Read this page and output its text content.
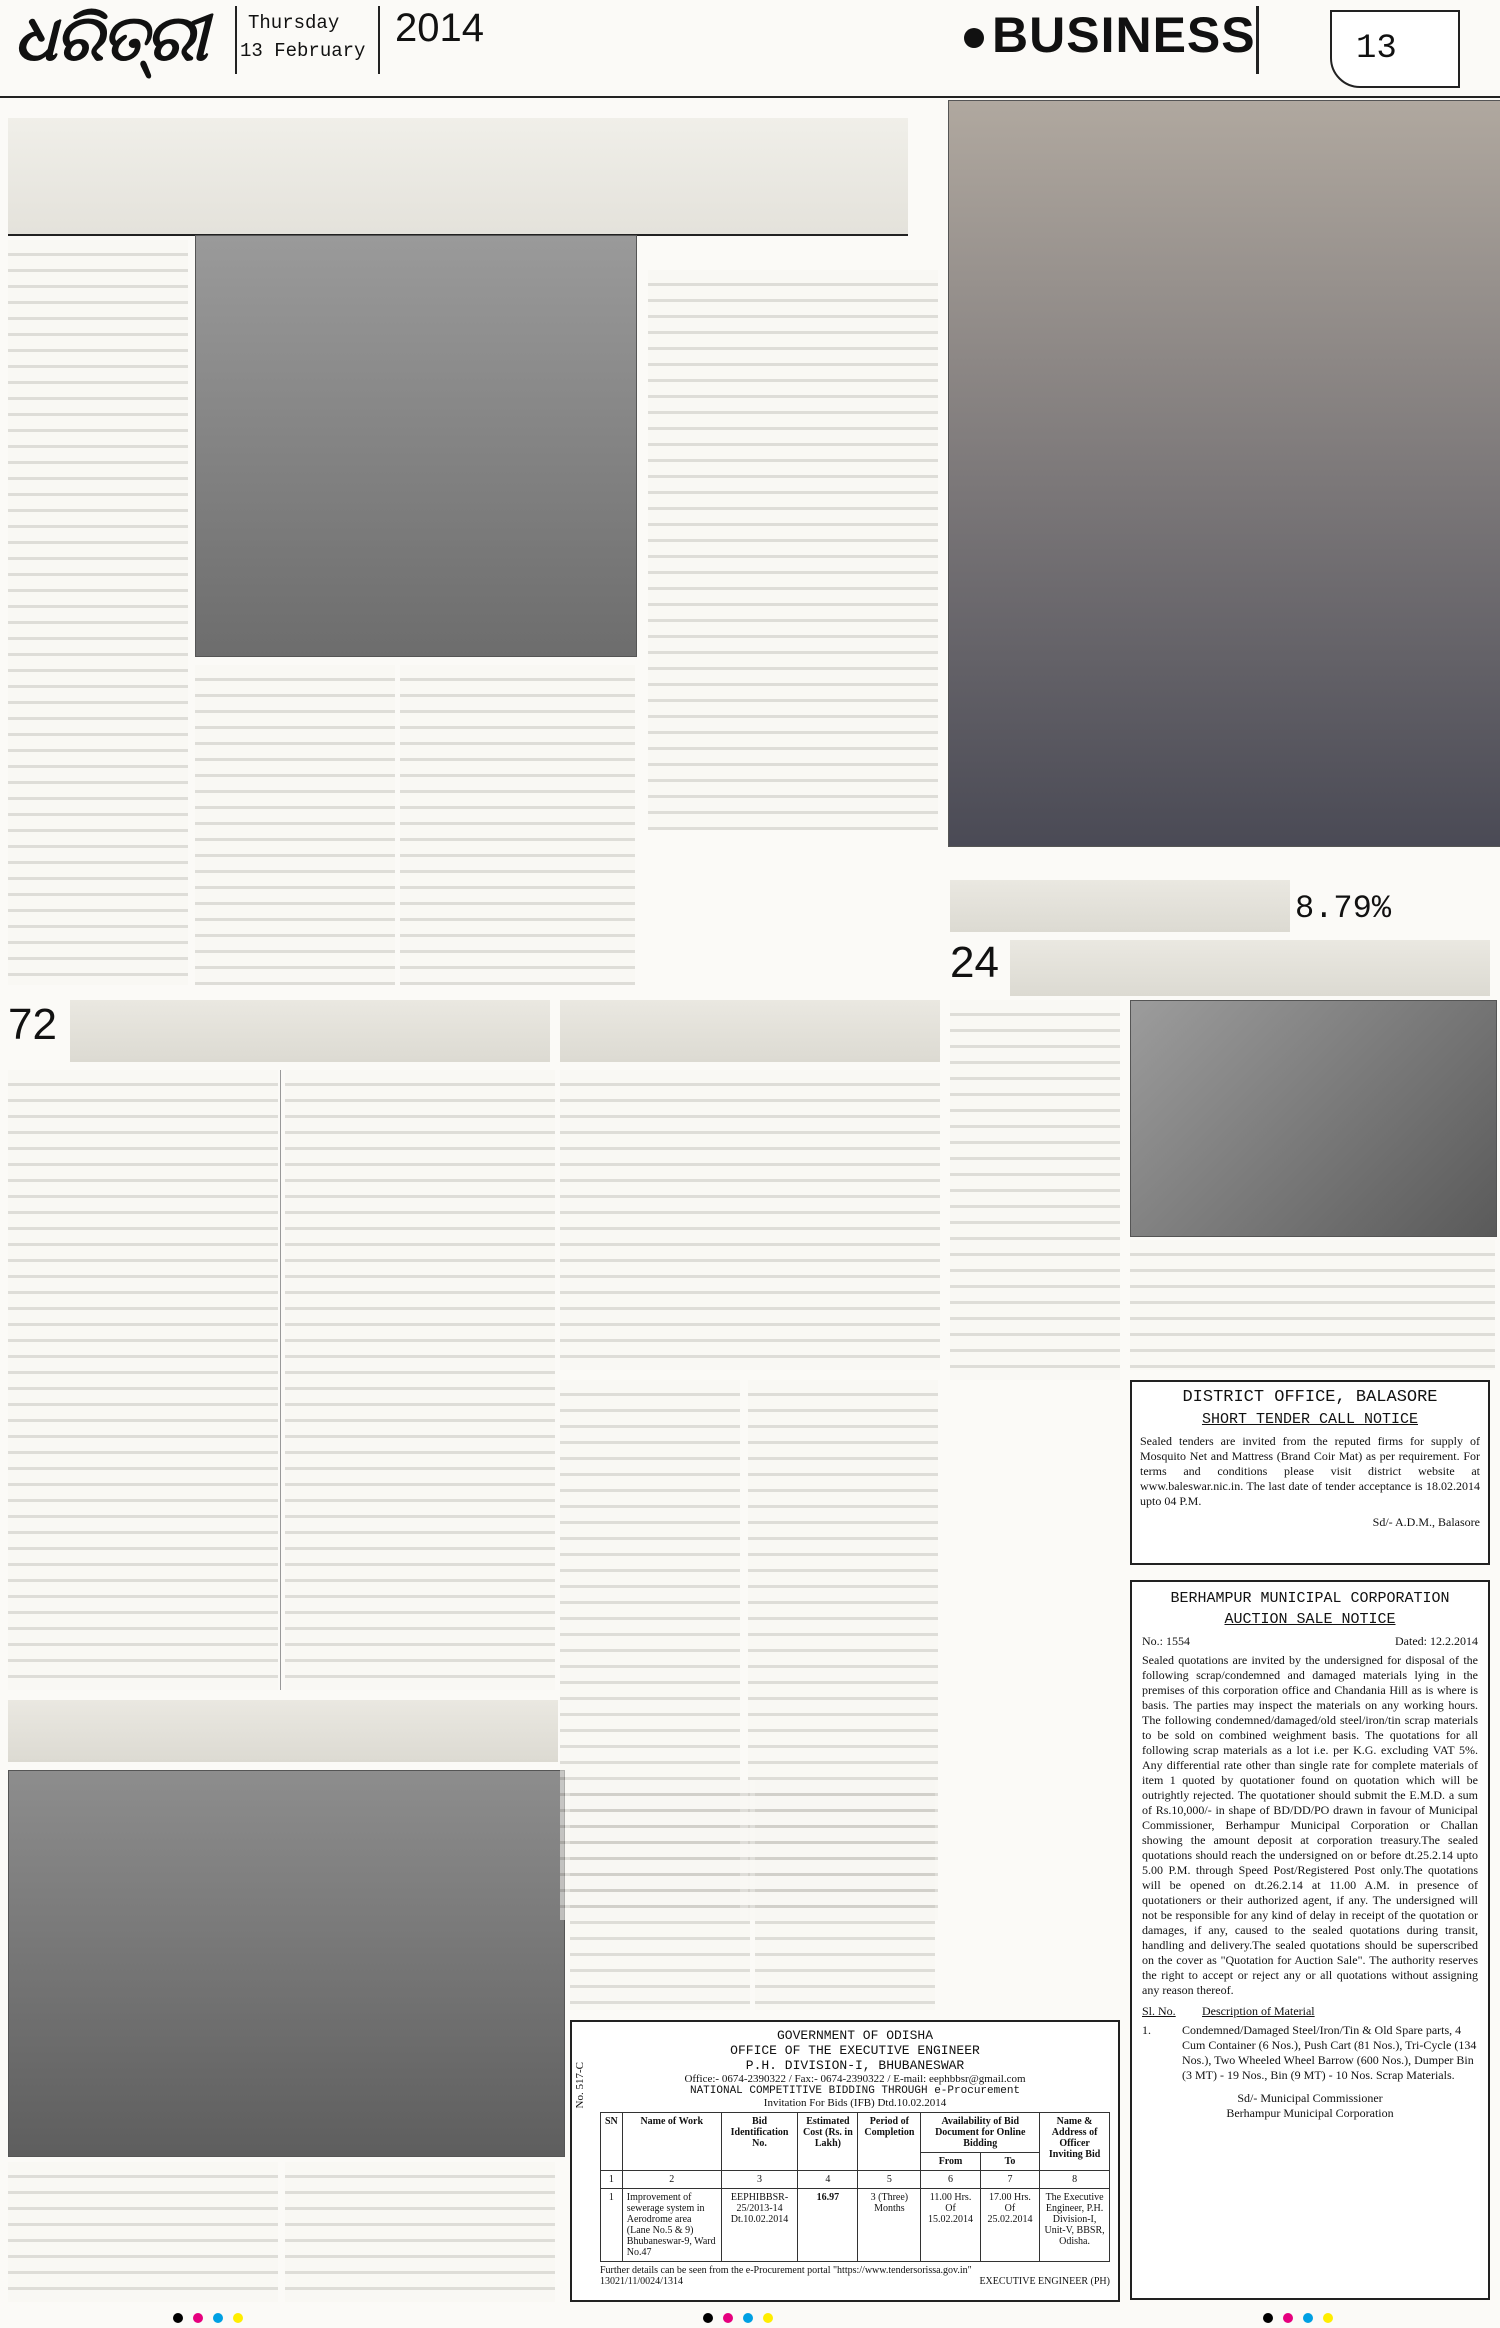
ଧରିତ୍ରୀ Thursday
13 February
2014	BUSINESS	13
72
8.79%
24
DISTRICT OFFICE, BALASORE
SHORT TENDER CALL NOTICE

Sealed tenders are invited from the reputed firms for supply of Mosquito Net and Mattress (Brand Coir Mat) as per requirement. For terms and conditions please visit district website at www.baleswar.nic.in. The last date of tender acceptance is 18.02.2014 upto 04 P.M.

Sd/- A.D.M., Balasore
BERHAMPUR MUNICIPAL CORPORATION
AUCTION SALE NOTICE
No.: 1554	Dated: 12.2.2014

Sealed quotations are invited by the undersigned for disposal of the following scrap/condemned and damaged materials lying in the premises of this corporation office and Chandania Hill as is where is basis. The parties may inspect the materials on any working hours. The following condemned/damaged/old steel/iron/tin scrap materials to be sold on combined weighment basis. The quotations for all following scrap materials as a lot i.e. per K.G. excluding VAT 5%. Any differential rate other than single rate for complete materials of item 1 quoted by quotationer found on quotation which will be outrightly rejected. The quotationer should submit the E.M.D. a sum of Rs.10,000/- in shape of BD/DD/PO drawn in favour of Municipal Commissioner, Berhampur Municipal Corporation or Challan showing the amount deposit at corporation treasury.The sealed quotations should reach the undersigned on or before dt.25.2.14 upto 5.00 P.M. through Speed Post/Registered Post only.The quotations will be opened on dt.26.2.14 at 11.00 A.M. in presence of quotationers or their authorized agent, if any. The undersigned will not be responsible for any kind of delay in receipt of the quotation or damages, if any, caused to the sealed quotations during transit, handling and delivery.The sealed quotations should be superscribed on the cover as "Quotation for Auction Sale". The authority reserves the right to accept or reject any or all quotations without assigning any reason thereof.

Sl. No.	Description of Material
1.	Condemned/Damaged Steel/Iron/Tin & Old Spare parts, 4 Cum Container (6 Nos.), Push Cart (81 Nos.), Tri-Cycle (134 Nos.), Two Wheeled Wheel Barrow (600 Nos.), Dumper Bin (3 MT) - 19 Nos., Bin (9 MT) - 10 Nos. Scrap Materials.
Sd/- Municipal Commissioner
Berhampur Municipal Corporation
No. 517-C
GOVERNMENT OF ODISHA
OFFICE OF THE EXECUTIVE ENGINEER
P.H. DIVISION-I, BHUBANESWAR
Office:- 0674-2390322 / Fax:- 0674-2390322 / E-mail: eephbbsr@gmail.com
NATIONAL COMPETITIVE BIDDING THROUGH e-Procurement
Invitation For Bids (IFB) Dtd.10.02.2014
SN	Name of Work	Bid Identification No.	Estimated Cost (Rs. in Lakh)	Period of Completion	Availability of Bid Document for Online Bidding		Name & Address of Officer Inviting Bid
					From	To	
1	2	3	4	5	6	7	8
1	Improvement of sewerage system in Aerodrome area (Lane No.5 & 9) Bhubaneswar-9, Ward No.47	EEPHIBBSR-25/2013-14 Dt.10.02.2014	16.97	3 (Three) Months	11.00 Hrs. Of 15.02.2014	17.00 Hrs. Of 25.02.2014	The Executive Engineer, P.H. Division-I, Unit-V, BBSR, Odisha.
Further details can be seen from the e-Procurement portal "https://www.tendersorissa.gov.in"
13021/11/0024/1314	EXECUTIVE ENGINEER (PH)
